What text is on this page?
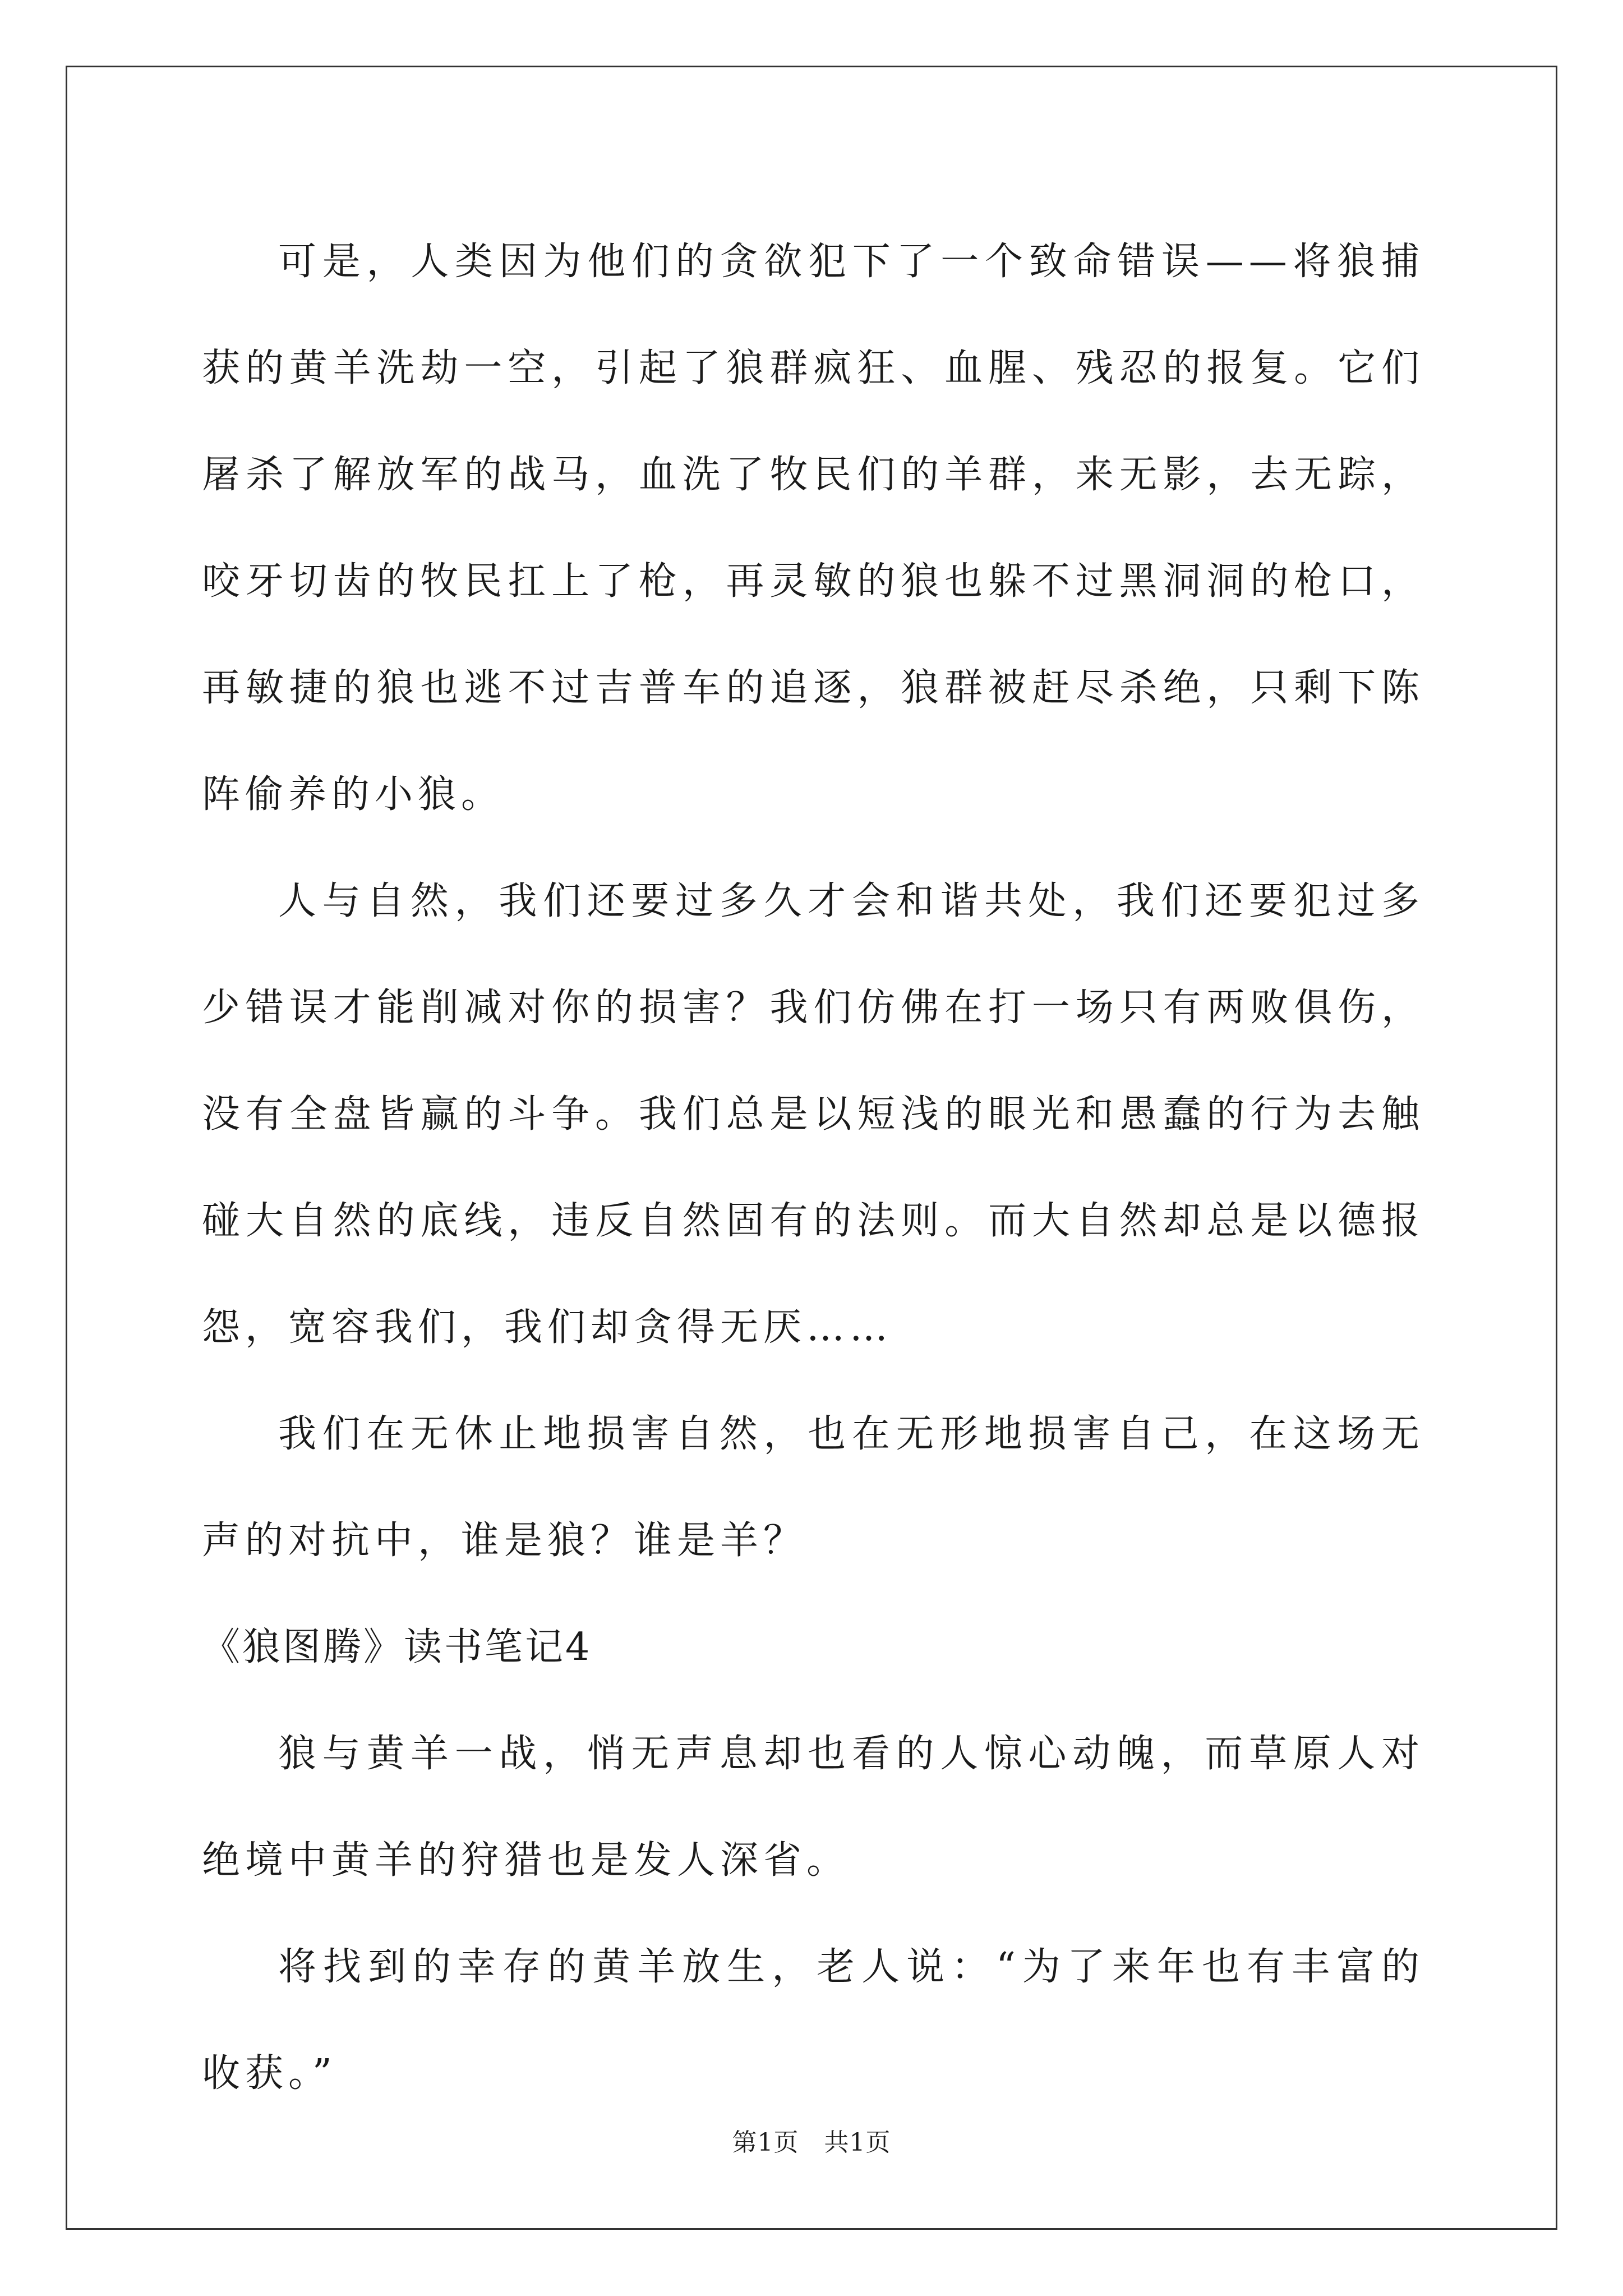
可是，人类因为他们的贪欲犯下了一个致命错误——将狼捕获的黄羊洗劫一空，引起了狼群疯狂、血腥、残忍的报复。它们屠杀了解放军的战马，血洗了牧民们的羊群，来无影，去无踪，咬牙切齿的牧民扛上了枪，再灵敏的狼也躲不过黑洞洞的枪口，再敏捷的狼也逃不过吉普车的追逐，狼群被赶尽杀绝，只剩下陈阵偷养的小狼。

人与自然，我们还要过多久才会和谐共处，我们还要犯过多少错误才能削减对你的损害？我们仿佛在打一场只有两败俱伤，没有全盘皆赢的斗争。我们总是以短浅的眼光和愚蠢的行为去触碰大自然的底线，违反自然固有的法则。而大自然却总是以德报怨，宽容我们，我们却贪得无厌……

我们在无休止地损害自然，也在无形地损害自己，在这场无声的对抗中，谁是狼？谁是羊？

《狼图腾》读书笔记4

狼与黄羊一战，悄无声息却也看的人惊心动魄，而草原人对绝境中黄羊的狩猎也是发人深省。

将找到的幸存的黄羊放生，老人说：“为了来年也有丰富的收获。”

第1页　共1页
